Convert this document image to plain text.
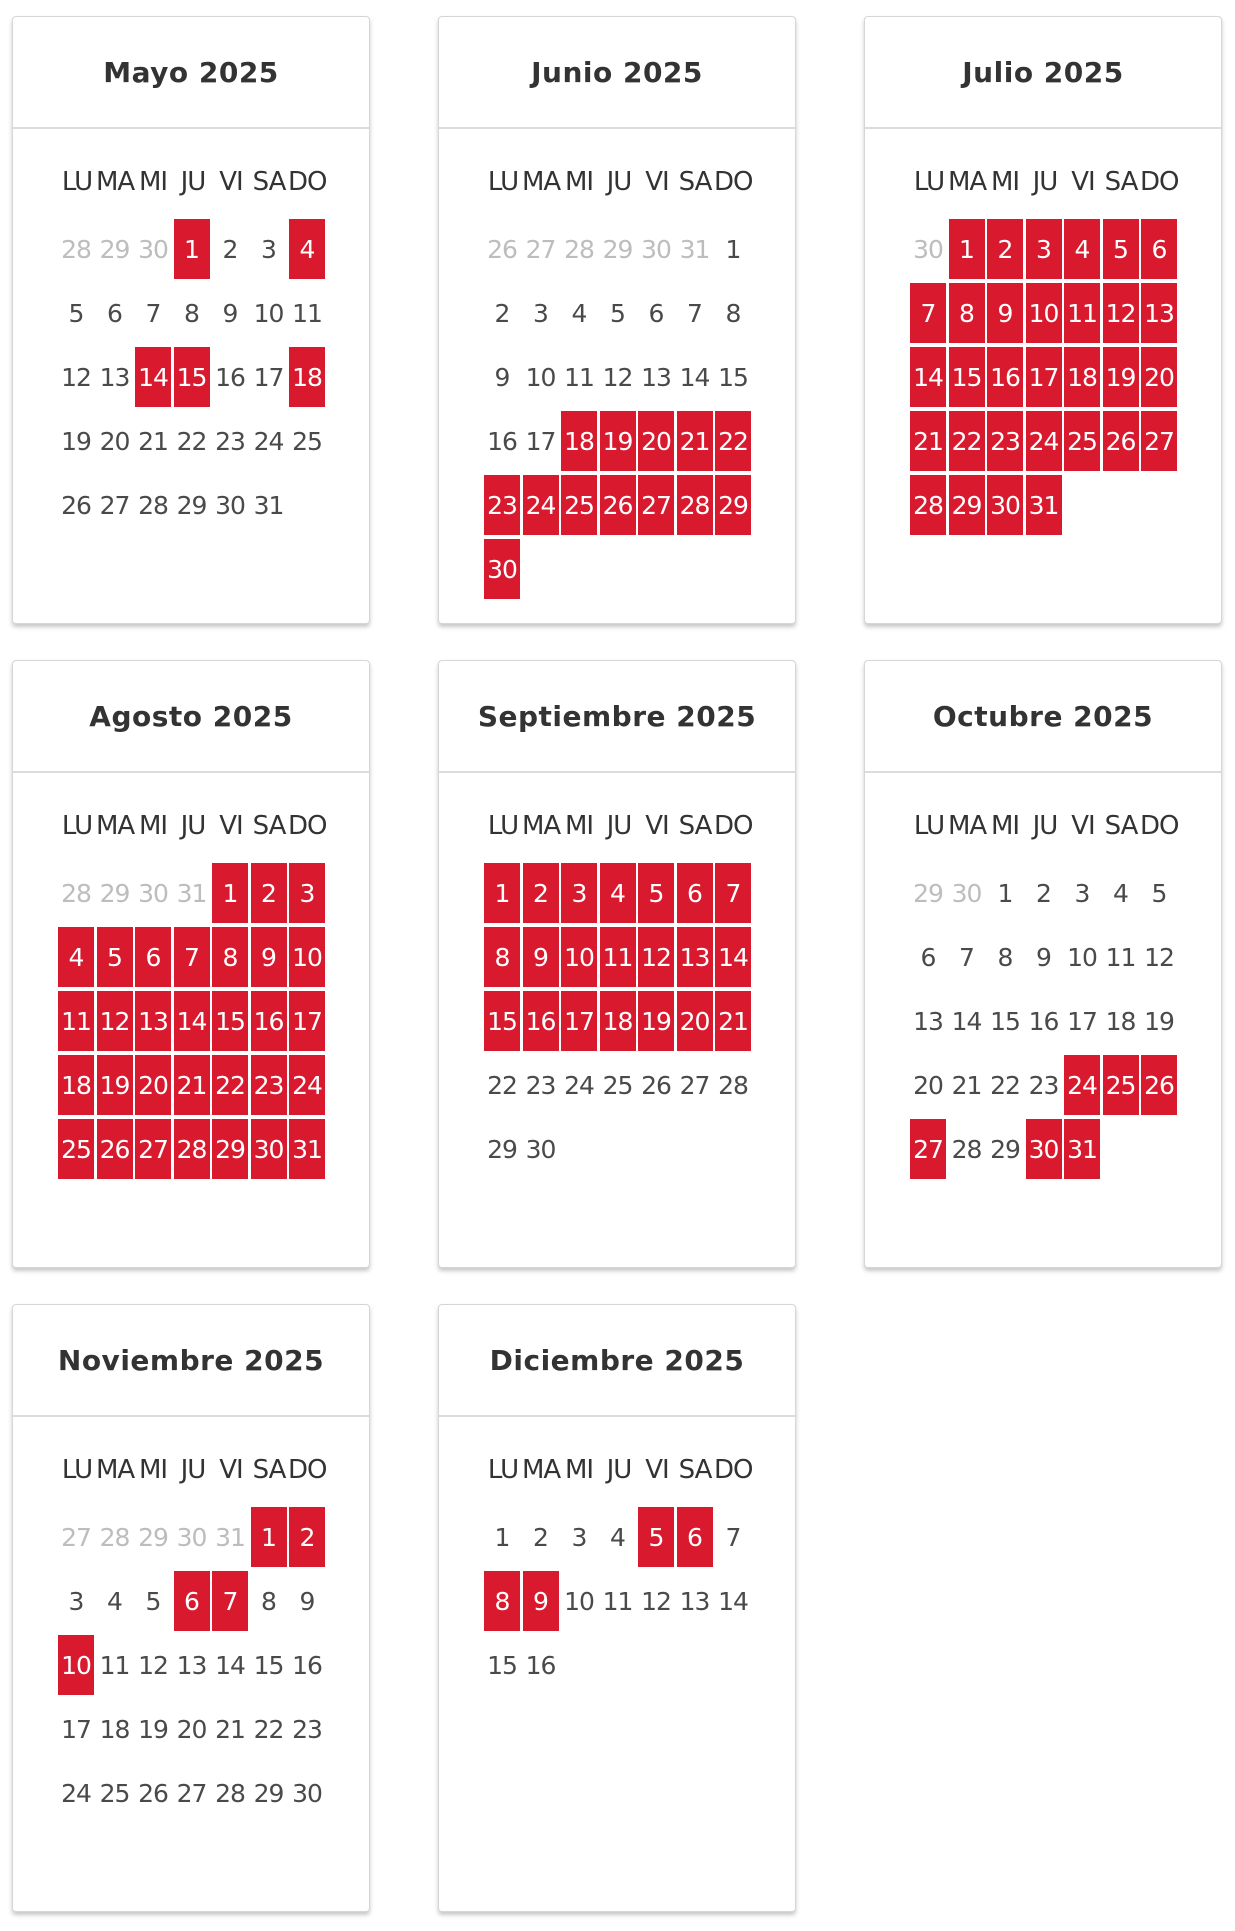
Mayo 2025
LU MA MI JU VI SA DO
28 29 30 1 2 3 4
5 6 7 8 9 10 11
12 13 14 15 16 17 18
19 20 21 22 23 24 25
26 27 28 29 30 31
Junio 2025
LU MA MI JU VI SA DO
26 27 28 29 30 31 1
2 3 4 5 6 7 8
9 10 11 12 13 14 15
16 17 18 19 20 21 22
23 24 25 26 27 28 29
30
Julio 2025
LU MA MI JU VI SA DO
30 1 2 3 4 5 6
7 8 9 10 11 12 13
14 15 16 17 18 19 20
21 22 23 24 25 26 27
28 29 30 31
Agosto 2025
LU MA MI JU VI SA DO
28 29 30 31 1 2 3
4 5 6 7 8 9 10
11 12 13 14 15 16 17
18 19 20 21 22 23 24
25 26 27 28 29 30 31
Septiembre 2025
LU MA MI JU VI SA DO
1 2 3 4 5 6 7
8 9 10 11 12 13 14
15 16 17 18 19 20 21
22 23 24 25 26 27 28
29 30
Octubre 2025
LU MA MI JU VI SA DO
29 30 1 2 3 4 5
6 7 8 9 10 11 12
13 14 15 16 17 18 19
20 21 22 23 24 25 26
27 28 29 30 31
Noviembre 2025
LU MA MI JU VI SA DO
27 28 29 30 31 1 2
3 4 5 6 7 8 9
10 11 12 13 14 15 16
17 18 19 20 21 22 23
24 25 26 27 28 29 30
Diciembre 2025
LU MA MI JU VI SA DO
1 2 3 4 5 6 7
8 9 10 11 12 13 14
15 16
